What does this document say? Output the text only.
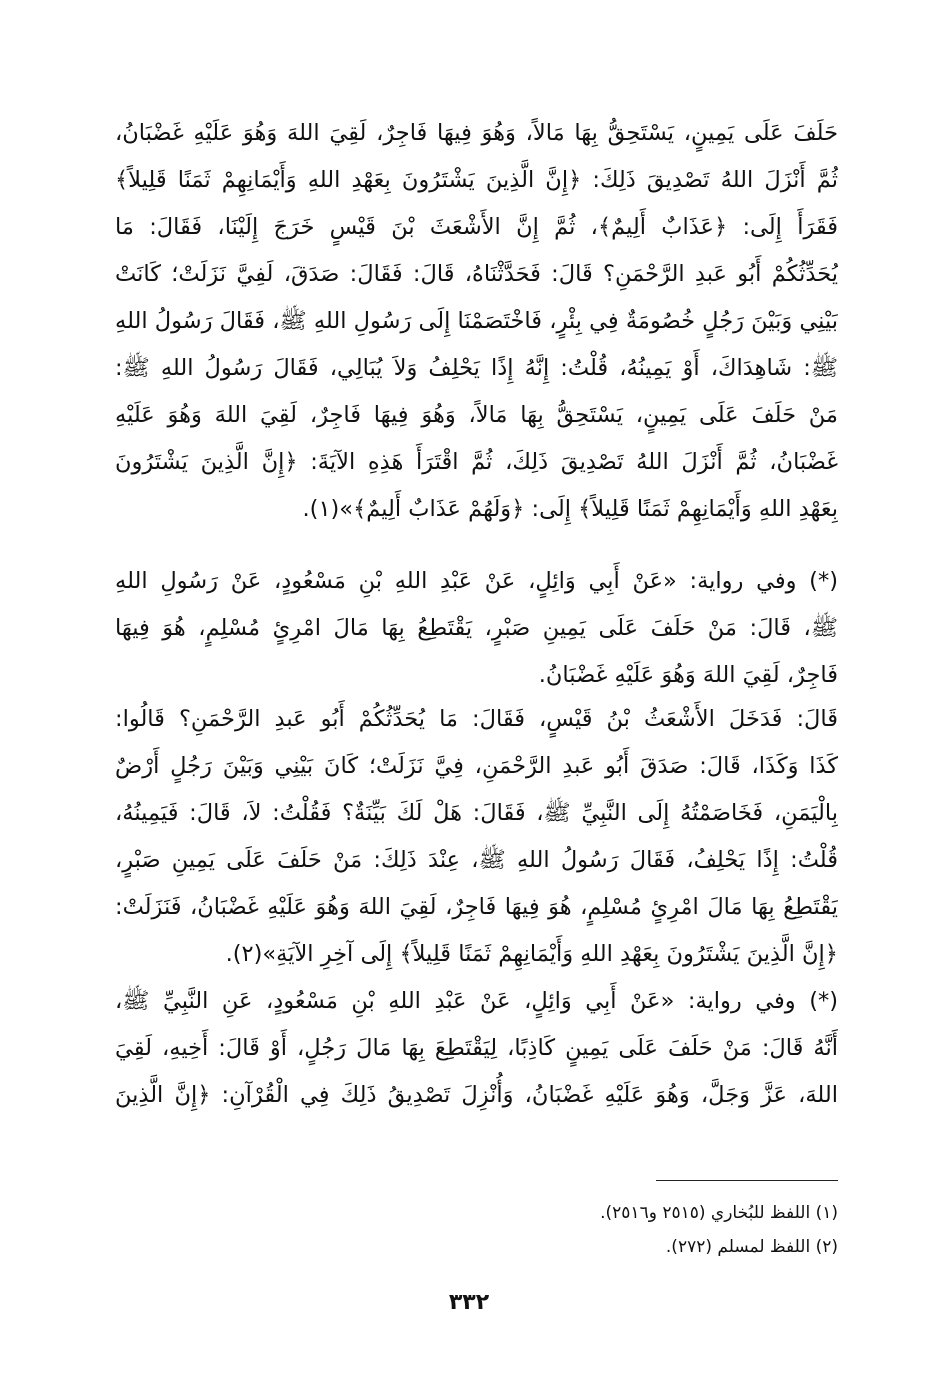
حَلَفَ عَلَى يَمِينٍ، يَسْتَحِقُّ بِهَا مَالاً، وَهُوَ فِيهَا فَاجِرٌ، لَقِيَ اللهَ وَهُوَ عَلَيْهِ غَضْبَانُ،
ثُمَّ أَنْزَلَ اللهُ تَصْدِيقَ ذَلِكَ: ﴿إِنَّ الَّذِينَ يَشْتَرُونَ بِعَهْدِ اللهِ وَأَيْمَانِهِمْ ثَمَنًا قَلِيلاً﴾
فَقَرَأَ إِلَى: ﴿عَذَابٌ أَلِيمٌ﴾، ثُمَّ إِنَّ الأَشْعَثَ بْنَ قَيْسٍ خَرَجَ إِلَيْنَا، فَقَالَ: مَا
يُحَدِّثُكُمْ أَبُو عَبدِ الرَّحْمَنِ؟ قَالَ: فَحَدَّثْنَاهُ، قَالَ: فَقَالَ: صَدَقَ، لَفِيَّ نَزَلَتْ؛ كَانَتْ
بَيْنِي وَبَيْنَ رَجُلٍ خُصُومَةٌ فِي بِئْرٍ، فَاخْتَصَمْنَا إِلَى رَسُولِ اللهِ ﷺ، فَقَالَ رَسُولُ اللهِ
ﷺ: شَاهِدَاكَ، أَوْ يَمِينُهُ، قُلْتُ: إِنَّهُ إِذًا يَحْلِفُ وَلاَ يُبَالِي، فَقَالَ رَسُولُ اللهِ ﷺ:
مَنْ حَلَفَ عَلَى يَمِينٍ، يَسْتَحِقُّ بِهَا مَالاً، وَهُوَ فِيهَا فَاجِرٌ، لَقِيَ اللهَ وَهُوَ عَلَيْهِ
غَضْبَانُ، ثُمَّ أَنْزَلَ اللهُ تَصْدِيقَ ذَلِكَ، ثُمَّ اقْتَرَأَ هَذِهِ الآيَةَ: ﴿إِنَّ الَّذِينَ يَشْتَرُونَ
بِعَهْدِ اللهِ وَأَيْمَانِهِمْ ثَمَنًا قَلِيلاً﴾ إِلَى: ﴿وَلَهُمْ عَذَابٌ أَلِيمٌ﴾»(١).
(*) وفي رواية: «عَنْ أَبِي وَائِلٍ، عَنْ عَبْدِ اللهِ بْنِ مَسْعُودٍ، عَنْ رَسُولِ اللهِ
ﷺ، قَالَ: مَنْ حَلَفَ عَلَى يَمِينِ صَبْرٍ، يَقْتَطِعُ بِهَا مَالَ امْرِئٍ مُسْلِمٍ، هُوَ فِيهَا
فَاجِرٌ، لَقِيَ اللهَ وَهُوَ عَلَيْهِ غَضْبَانُ.
قَالَ: فَدَخَلَ الأَشْعَثُ بْنُ قَيْسٍ، فَقَالَ: مَا يُحَدِّثُكُمْ أَبُو عَبدِ الرَّحْمَنِ؟ قَالُوا:
كَذَا وَكَذَا، قَالَ: صَدَقَ أَبُو عَبدِ الرَّحْمَنِ، فِيَّ نَزَلَتْ؛ كَانَ بَيْنِي وَبَيْنَ رَجُلٍ أَرْضٌ
بِالْيَمَنِ، فَخَاصَمْتُهُ إِلَى النَّبِيِّ ﷺ، فَقَالَ: هَلْ لَكَ بَيِّنَةٌ؟ فَقُلْتُ: لاَ، قَالَ: فَيَمِينُهُ،
قُلْتُ: إِذًا يَحْلِفُ، فَقَالَ رَسُولُ اللهِ ﷺ، عِنْدَ ذَلِكَ: مَنْ حَلَفَ عَلَى يَمِينِ صَبْرٍ،
يَقْتَطِعُ بِهَا مَالَ امْرِئٍ مُسْلِمٍ، هُوَ فِيهَا فَاجِرٌ، لَقِيَ اللهَ وَهُوَ عَلَيْهِ غَضْبَانُ، فَنَزَلَتْ:
﴿إِنَّ الَّذِينَ يَشْتَرُونَ بِعَهْدِ اللهِ وَأَيْمَانِهِمْ ثَمَنًا قَلِيلاً﴾ إِلَى آخِرِ الآيَةِ»(٢).
(*) وفي رواية: «عَنْ أَبِي وَائِلٍ، عَنْ عَبْدِ اللهِ بْنِ مَسْعُودٍ، عَنِ النَّبِيِّ ﷺ،
أَنَّهُ قَالَ: مَنْ حَلَفَ عَلَى يَمِينٍ كَاذِبًا، لِيَقْتَطِعَ بِهَا مَالَ رَجُلٍ، أَوْ قَالَ: أَخِيهِ، لَقِيَ
اللهَ، عَزَّ وَجَلَّ، وَهُوَ عَلَيْهِ غَضْبَانُ، وَأُنْزِلَ تَصْدِيقُ ذَلِكَ فِي الْقُرْآنِ: ﴿إِنَّ الَّذِينَ
(١) اللفظ للبُخاري (٢٥١٥ و٢٥١٦).
(٢) اللفظ لمسلم (٢٧٢).
٣٣٢
